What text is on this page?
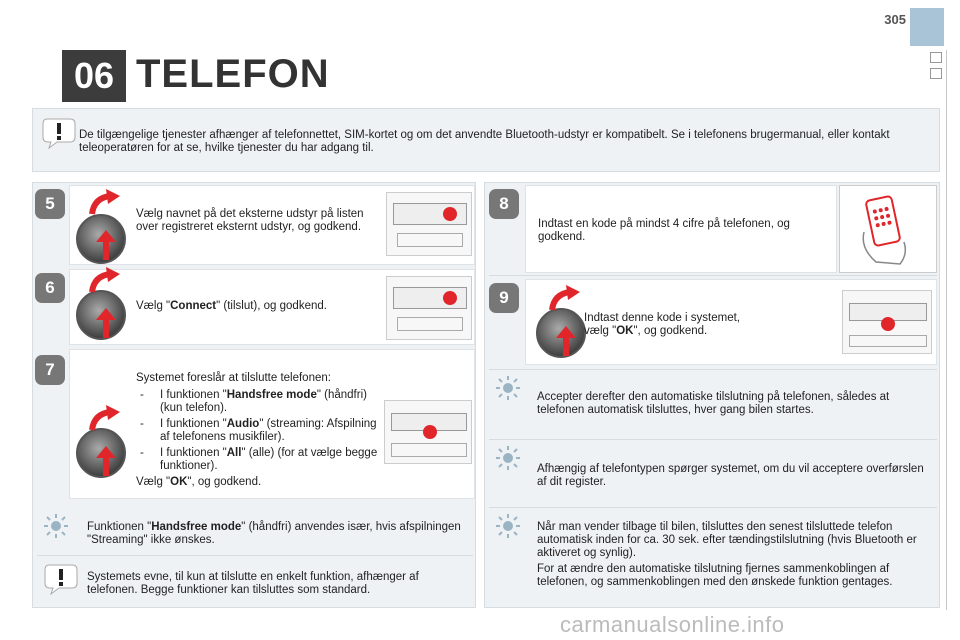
305
06 TELEFON
De tilgængelige tjenester afhænger af telefonnettet, SIM-kortet og om det anvendte Bluetooth-udstyr er kompatibelt. Se i telefonens brugermanual, eller kontakt teleoperatøren for at se, hvilke tjenester du har adgang til.
5
Vælg navnet på det eksterne udstyr på listen over registreret eksternt udstyr, og godkend.
6
Vælg "Connect" (tilslut), og godkend.
7	Systemet foreslår at tilslutte telefonen:
- I funktionen "Handsfree mode" (håndfri) (kun telefon).
- I funktionen "Audio" (streaming: Afspilning af telefonens musikfiler).
- I funktionen "All" (alle) (for at vælge begge funktioner).
Vælg "OK", og godkend.
Funktionen "Handsfree mode" (håndfri) anvendes især, hvis afspilningen "Streaming" ikke ønskes.
Systemets evne, til kun at tilslutte en enkelt funktion, afhænger af telefonen. Begge funktioner kan tilsluttes som standard.
8
Indtast en kode på mindst 4 cifre på telefonen, og godkend.
9
Indtast denne kode i systemet,
vælg "OK", og godkend.
Accepter derefter den automatiske tilslutning på telefonen, således at telefonen automatisk tilsluttes, hver gang bilen startes.
Afhængig af telefontypen spørger systemet, om du vil acceptere overførslen af dit register.
Når man vender tilbage til bilen, tilsluttes den senest tilsluttede telefon automatisk inden for ca. 30 sek. efter tændingstilslutning (hvis Bluetooth er aktiveret og synlig).
For at ændre den automatiske tilslutning fjernes sammenkoblingen af telefonen, og sammenkoblingen med den ønskede funktion gentages.
carmanualsonline.info
